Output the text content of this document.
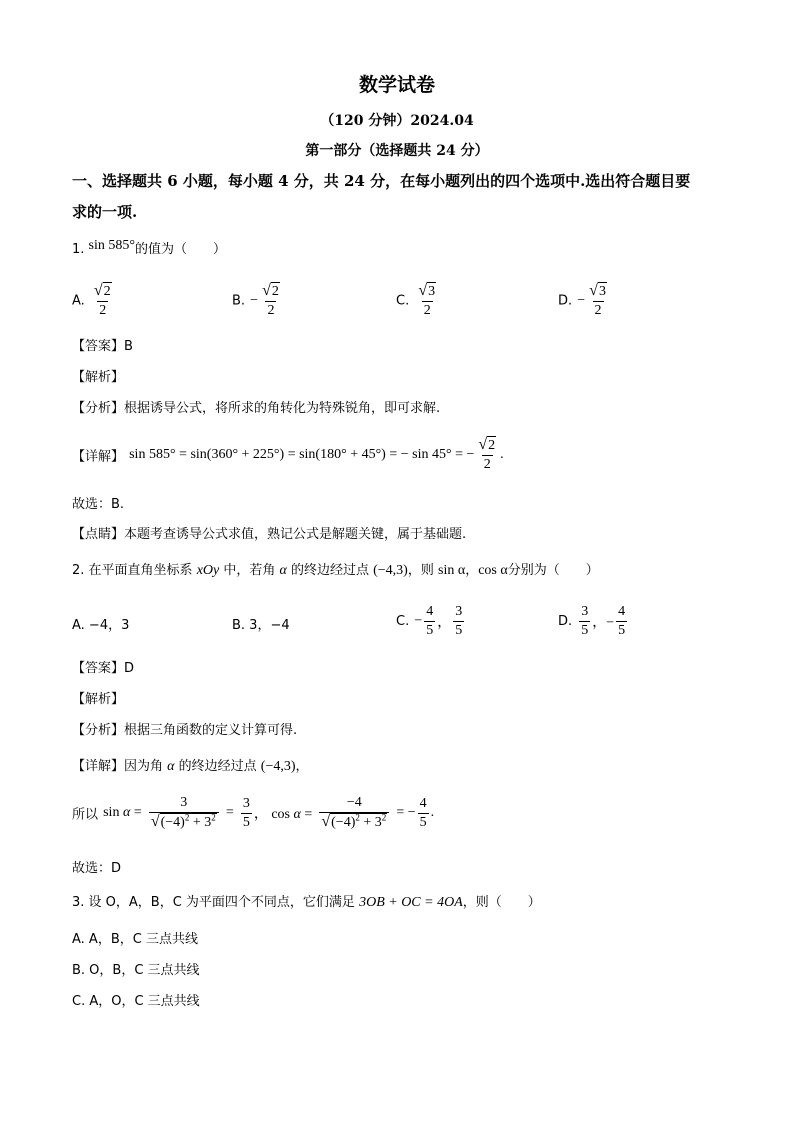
数学试卷
（120 分钟）2024.04
第一部分（选择题共 24 分）
一、选择题共 6 小题，每小题 4 分，共 24 分，在每小题列出的四个选项中.选出符合题目要
求的一项.
1. sin 585°的值为（　　）
A. $\frac{√ 2}{2}$	B. − $\frac{√ 2}{2}$	C. $\frac{√ 3}{2}$	D. − $\frac{√ 3}{2}$
【答案】B
【解析】
【分析】根据诱导公式，将所求的角转化为特殊锐角，即可求解.
【详解】 sin 585° = sin(360° + 225°) = sin(180° + 45°) = − sin 45° = − $\frac{√ 2}{2}$ .
故选：B.
【点睛】本题考查诱导公式求值，熟记公式是解题关键，属于基础题.
2. 在平面直角坐标系 xOy 中，若角 α 的终边经过点 (−4,3)，则 sin α，cos α分别为（　　）
A. −4，3	B. 3，−4	C. − $\frac{4}{5}$ ， $\frac{3}{5}$	D. $\frac{3}{5}$ ，− $\frac{4}{5}$
【答案】D
【解析】
【分析】根据三角函数的定义计算可得.
【详解】因为角 α 的终边经过点 (−4,3)，
所以 $\sin \alpha = \frac{3}{√ (-4)^2 + 3^2} = \frac{3}{5}$ ， $\cos \alpha = \frac{-4}{√ (-4)^2 + 3^2}$ = − $\frac{4}{5}$ .
故选：D
3. 设 O，A，B，C 为平面四个不同点，它们满足 3OB + OC = 4OA，则（　　）
A. A，B，C 三点共线
B. O，B，C 三点共线
C. A，O，C 三点共线
